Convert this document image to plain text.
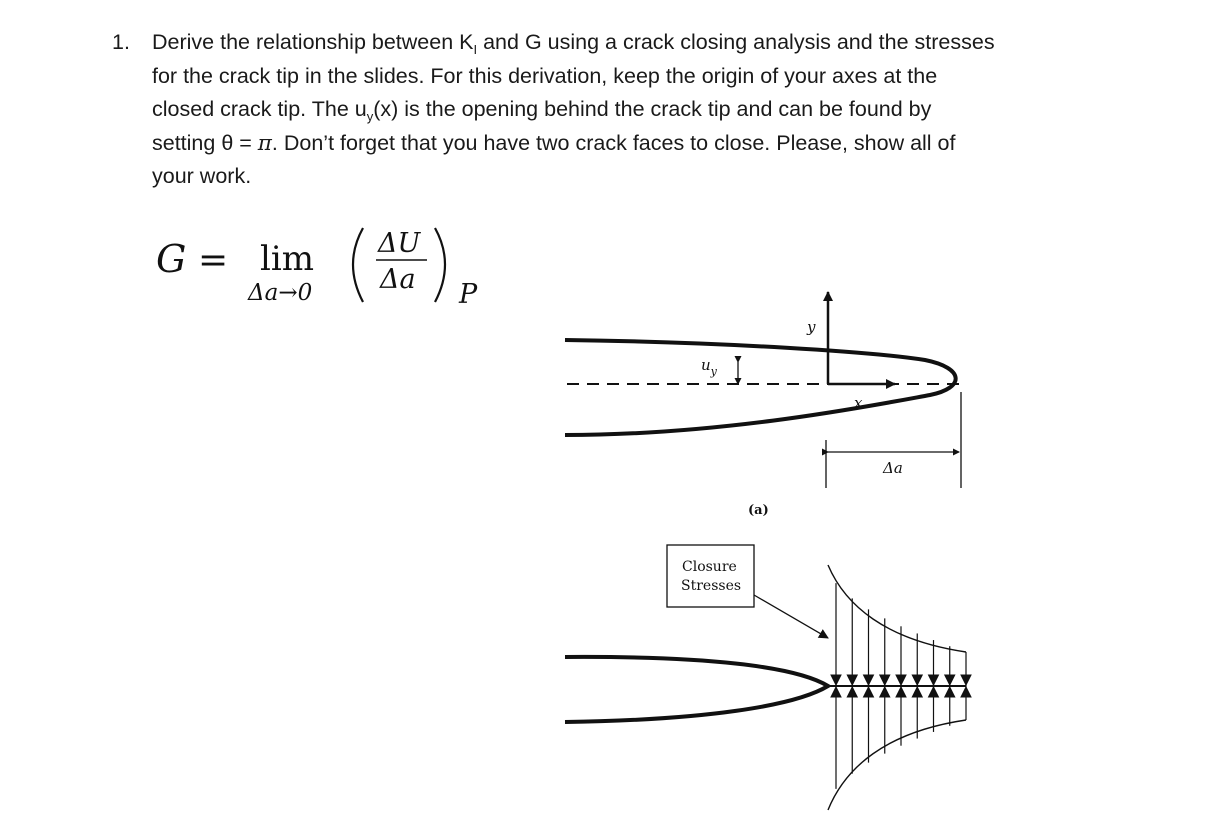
1. Derive the relationship between $K_I$ and G using a crack closing analysis and the stresses
for the crack tip in the slides. For this derivation, keep the origin of your axes at the
closed crack tip. The $u_y(x)$ is the opening behind the crack tip and can be found by
setting θ = π. Don’t forget that you have two crack faces to close. Please, show all of
your work.
G = lim
Δa→0
ΔU
Δa P
y
$u_y$
x
Δa
(a)
Closure
Stresses
